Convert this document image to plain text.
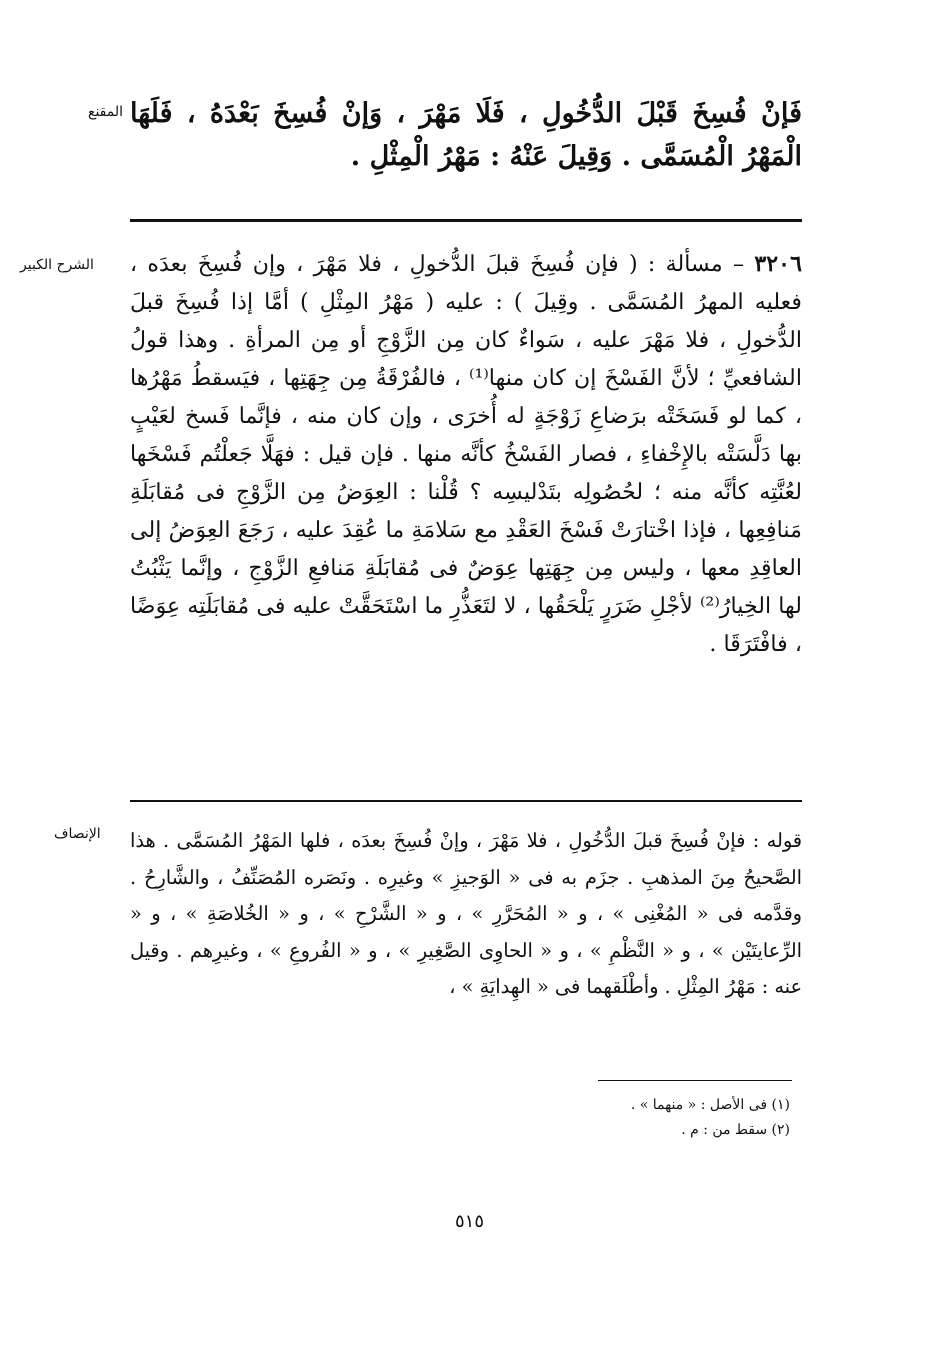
المقنع فَإنْ فُسِخَ قَبْلَ الدُّخُولِ ، فَلَا مَهْرَ ، وَإنْ فُسِخَ بَعْدَهُ ، فَلَهَا الْمَهْرُ الْمُسَمَّى . وَقِيلَ عَنْهُ : مَهْرُ الْمِثْلِ .

الشرح الكبير	٣٢٠٦ – مسألة : ( فإن فُسِخَ قبلَ الدُّخولِ ، فلا مَهْرَ ، وإن فُسِخَ بعدَه ، فعليه المهرُ المُسَمَّى . وقِيلَ ) : عليه ( مَهْرُ المِثْلِ ) أمَّا إذا فُسِخَ قبلَ الدُّخولِ ، فلا مَهْرَ عليه ، سَواءٌ كان مِن الزَّوْجِ أو مِن المرأةِ . وهذا قولُ الشافعيِّ ؛ لأنَّ الفَسْخَ إن كان منها⁽¹⁾ ، فالفُرْقَةُ مِن جِهَتِها ، فيَسقطُ مَهْرُها ، كما لو فَسَخَتْه برَضاعِ زَوْجَةٍ له أُخرَى ، وإن كان منه ، فإنَّما فَسخ لعَيْبٍ بها دَلَّسَتْه بالإِخْفاءِ ، فصار الفَسْخُ كأنَّه منها . فإن قيل : فهَلَّا جَعلْتُم فَسْخَها لعُنَّتِه كأنَّه منه ؛ لحُصُولِه بتَدْليسِه ؟ قُلْنا : العِوَضُ مِن الزَّوْجِ فى مُقابَلَةِ مَنافِعِها ، فإذا اخْتارَتْ فَسْخَ العَقْدِ مع سَلامَةِ ما عُقِدَ عليه ، رَجَعَ العِوَضُ إلى العاقِدِ معها ، وليس مِن جِهَتِها عِوَضٌ فى مُقابَلَةِ مَنافعِ الزَّوْجِ ، وإنَّما يَثْبُتُ لها الخِيارُ⁽²⁾ لأجْلِ ضَرَرٍ يَلْحَقُها ، لا لتَعَذُّرِ ما اسْتَحَقَّتْ عليه فى مُقابَلَتِه عِوَضًا ، فافْتَرَقَا .

الإنصاف قوله : فإنْ فُسِخَ قبلَ الدُّخُولِ ، فلا مَهْرَ ، وإنْ فُسِخَ بعدَه ، فلها المَهْرُ المُسَمَّى . هذا الصَّحيحُ مِنَ المذهبِ . جزَم به فى « الوَجيزِ » وغيرِه . ونَصَره المُصَنِّفُ ، والشَّارِحُ . وقدَّمه فى « المُغْنِى » ، و « المُحَرَّرِ » ، و « الشَّرْحِ » ، و « الخُلاصَةِ » ، و « الرِّعايتَيْن » ، و « النَّظْمِ » ، و « الحاوِى الصَّغِيرِ » ، و « الفُروعِ » ، وغيرِهم . وقيل عنه : مَهْرُ المِثْلِ . وأطْلَقهما فى « الهِدايَةِ » ،

(١) فى الأصل : « منهما » .
(٢) سقط من : م .
٥١٥
